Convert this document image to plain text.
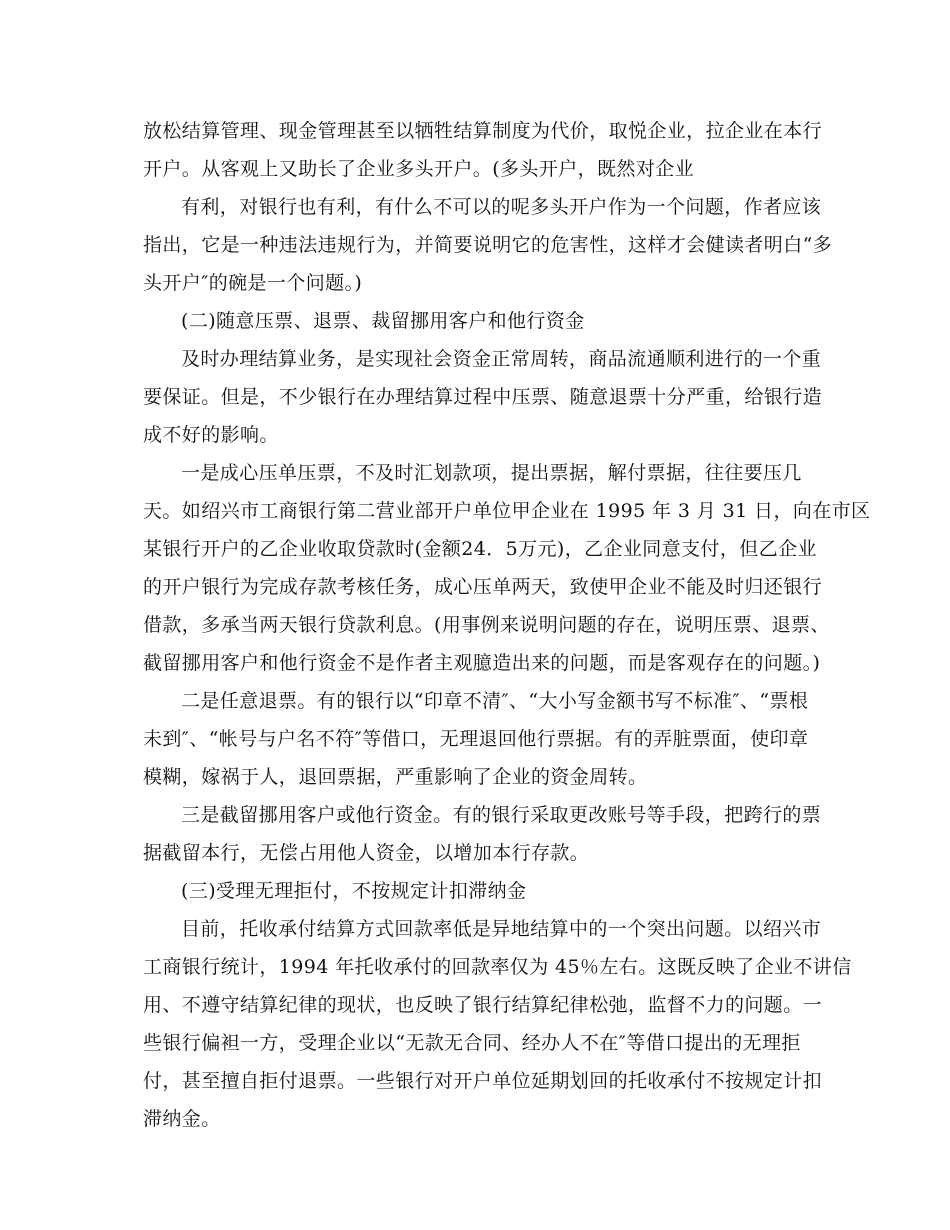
放松结算管理、现金管理甚至以牺牲结算制度为代价，取悦企业，拉企业在本行
开户。从客观上又助长了企业多头开户。(多头开户，既然对企业
有利，对银行也有利，有什么不可以的呢多头开户作为一个问题，作者应该
指出，它是一种违法违规行为，并简要说明它的危害性，这样才会健读者明白“多
头开户″的碗是一个问题。)
(二)随意压票、退票、裁留挪用客户和他行资金
及时办理结算业务，是实现社会资金正常周转，商品流通顺利进行的一个重
要保证。但是，不少银行在办理结算过程中压票、随意退票十分严重，给银行造
成不好的影响。
一是成心压单压票，不及时汇划款项，提出票据，解付票据，往往要压几
天。如绍兴市工商银行第二营业部开户单位甲企业在 1995 年 3 月 31 日，向在市区
某银行开户的乙企业收取贷款时(金额24．5万元)，乙企业同意支付，但乙企业
的开户银行为完成存款考核任务，成心压单两天，致使甲企业不能及时归还银行
借款，多承当两天银行贷款利息。(用事例来说明问题的存在，说明压票、退票、
截留挪用客户和他行资金不是作者主观臆造出来的问题，而是客观存在的问题。)
二是任意退票。有的银行以“印章不清″、“大小写金额书写不标准″、“票根
未到″、“帐号与户名不符″等借口，无理退回他行票据。有的弄脏票面，使印章
模糊，嫁祸于人，退回票据，严重影响了企业的资金周转。
三是截留挪用客户或他行资金。有的银行采取更改账号等手段，把跨行的票
据截留本行，无偿占用他人资金，以增加本行存款。
(三)受理无理拒付，不按规定计扣滞纳金
目前，托收承付结算方式回款率低是异地结算中的一个突出问题。以绍兴市
工商银行统计，1994 年托收承付的回款率仅为 45％左右。这既反映了企业不讲信
用、不遵守结算纪律的现状，也反映了银行结算纪律松弛，监督不力的问题。一
些银行偏袒一方，受理企业以“无款无合同、经办人不在″等借口提出的无理拒
付，甚至擅自拒付退票。一些银行对开户单位延期划回的托收承付不按规定计扣
滞纳金。
